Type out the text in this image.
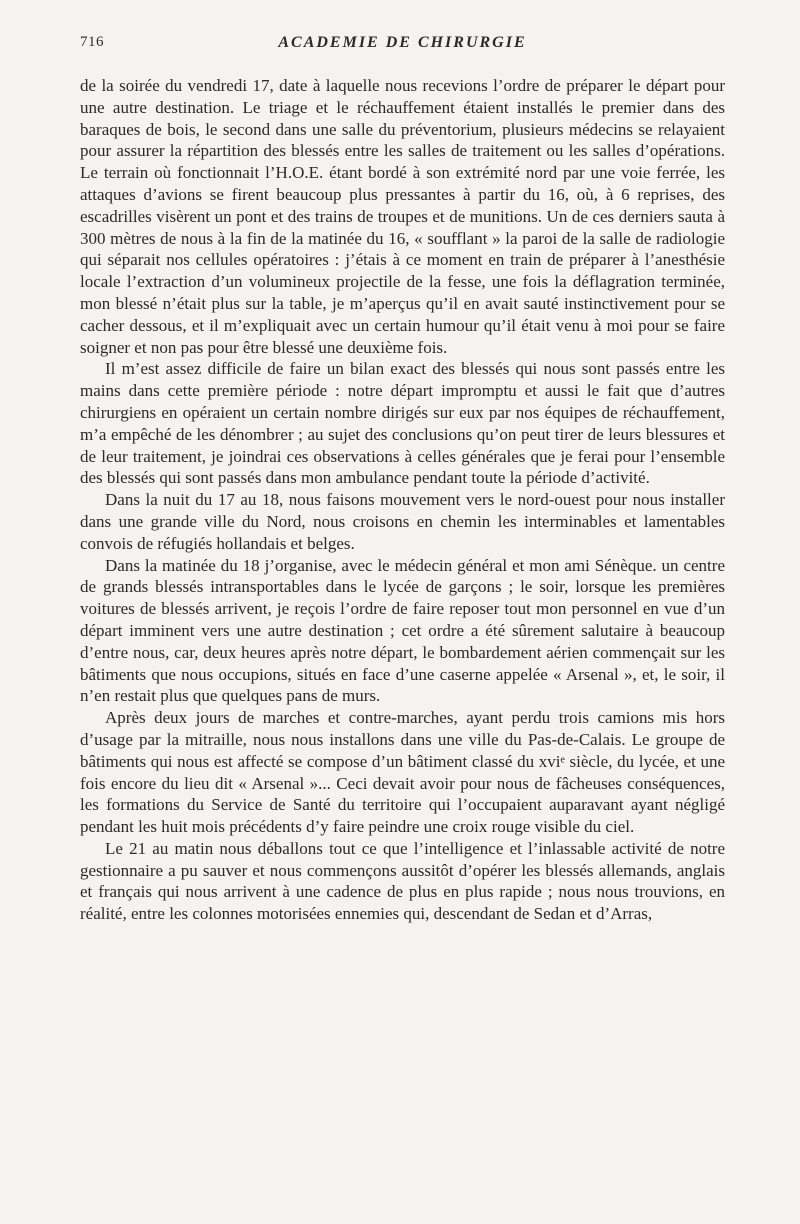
716	ACADEMIE DE CHIRURGIE

de la soirée du vendredi 17, date à laquelle nous recevions l’ordre de préparer le départ pour une autre destination. Le triage et le réchauffement étaient installés le premier dans des baraques de bois, le second dans une salle du préventorium, plusieurs médecins se relayaient pour assurer la répartition des blessés entre les salles de traitement ou les salles d’opérations. Le terrain où fonctionnait l’H.O.E. étant bordé à son extrémité nord par une voie ferrée, les attaques d’avions se firent beaucoup plus pressantes à partir du 16, où, à 6 reprises, des escadrilles visèrent un pont et des trains de troupes et de munitions. Un de ces derniers sauta à 300 mètres de nous à la fin de la matinée du 16, « soufflant » la paroi de la salle de radiologie qui séparait nos cellules opératoires : j’étais à ce moment en train de préparer à l’anesthésie locale l’extraction d’un volumineux projectile de la fesse, une fois la déflagration terminée, mon blessé n’était plus sur la table, je m’aperçus qu’il en avait sauté instinctivement pour se cacher dessous, et il m’expliquait avec un certain humour qu’il était venu à moi pour se faire soigner et non pas pour être blessé une deuxième fois.

Il m’est assez difficile de faire un bilan exact des blessés qui nous sont passés entre les mains dans cette première période : notre départ impromptu et aussi le fait que d’autres chirurgiens en opéraient un certain nombre dirigés sur eux par nos équipes de réchauffement, m’a empêché de les dénombrer ; au sujet des conclusions qu’on peut tirer de leurs blessures et de leur traitement, je joindrai ces observations à celles générales que je ferai pour l’ensemble des blessés qui sont passés dans mon ambulance pendant toute la période d’activité.

Dans la nuit du 17 au 18, nous faisons mouvement vers le nord-ouest pour nous installer dans une grande ville du Nord, nous croisons en chemin les interminables et lamentables convois de réfugiés hollandais et belges.

Dans la matinée du 18 j’organise, avec le médecin général et mon ami Sénèque. un centre de grands blessés intransportables dans le lycée de garçons ; le soir, lorsque les premières voitures de blessés arrivent, je reçois l’ordre de faire reposer tout mon personnel en vue d’un départ imminent vers une autre destination ; cet ordre a été sûrement salutaire à beaucoup d’entre nous, car, deux heures après notre départ, le bombardement aérien commençait sur les bâtiments que nous occupions, situés en face d’une caserne appelée « Arsenal », et, le soir, il n’en restait plus que quelques pans de murs.

Après deux jours de marches et contre-marches, ayant perdu trois camions mis hors d’usage par la mitraille, nous nous installons dans une ville du Pas-de-Calais. Le groupe de bâtiments qui nous est affecté se compose d’un bâtiment classé du xviᵉ siècle, du lycée, et une fois encore du lieu dit « Arsenal »... Ceci devait avoir pour nous de fâcheuses conséquences, les formations du Service de Santé du territoire qui l’occupaient auparavant ayant négligé pendant les huit mois précédents d’y faire peindre une croix rouge visible du ciel.

Le 21 au matin nous déballons tout ce que l’intelligence et l’inlassable activité de notre gestionnaire a pu sauver et nous commençons aussitôt d’opérer les blessés allemands, anglais et français qui nous arrivent à une cadence de plus en plus rapide ; nous nous trouvions, en réalité, entre les colonnes motorisées ennemies qui, descendant de Sedan et d’Arras,
